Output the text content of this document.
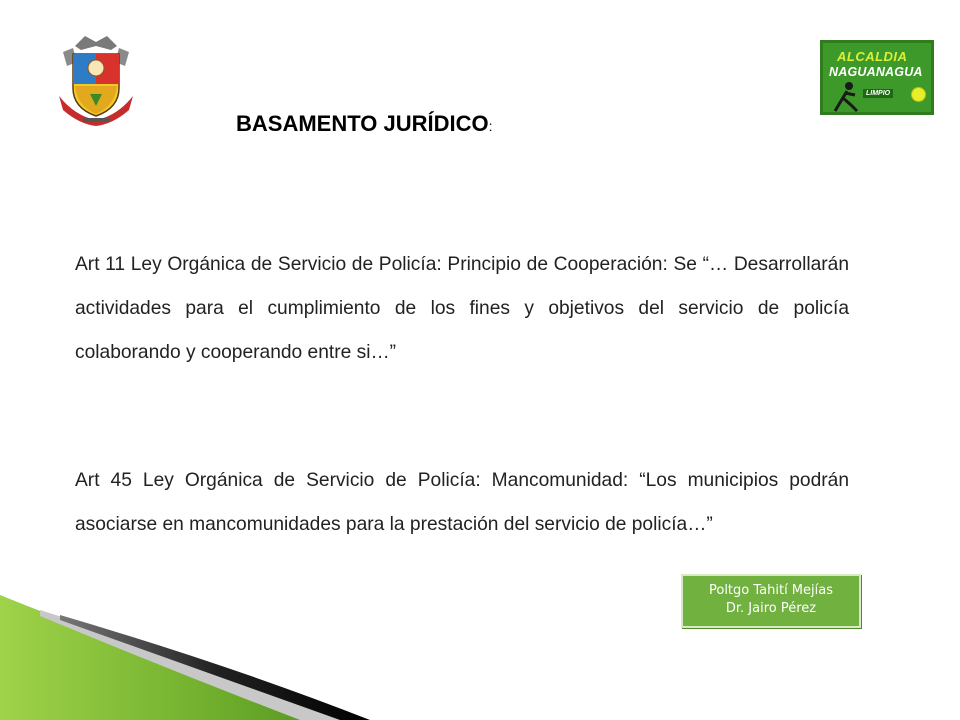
ALCALDIA
NAGUANAGUA
LIMPIO
BASAMENTO JURÍDICO:
Art 11 Ley Orgánica de Servicio de Policía: Principio de Cooperación: Se “… Desarrollarán actividades para el cumplimiento de los fines y objetivos del servicio de policía colaborando y cooperando entre si…”
Art 45 Ley Orgánica de Servicio de Policía: Mancomunidad: “Los municipios podrán asociarse en mancomunidades para la prestación del servicio de policía…”
Poltgo Tahití Mejías
Dr. Jairo Pérez
